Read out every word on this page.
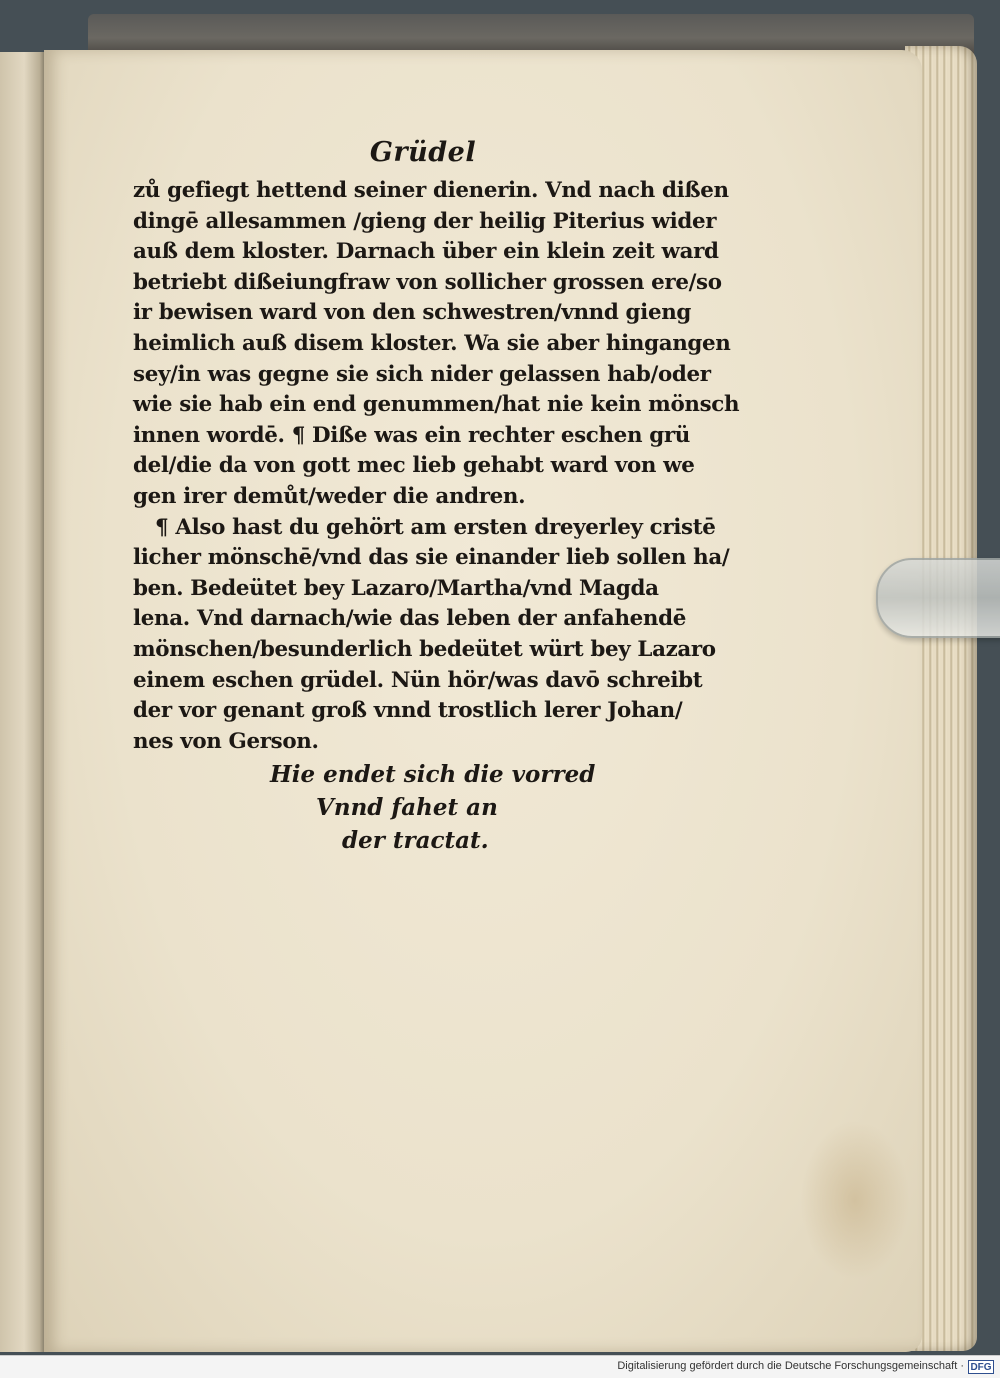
Grüdel
zů gefiegt hettend seiner dienerin. Vnd nach dißen
dingē allesammen /gieng der heilig Piterius wider
auß dem kloster. Darnach über ein klein zeit ward
betriebt dißeiungfraw von sollicher grossen ere/so
ir bewisen ward von den schwestren/vnnd gieng
heimlich auß disem kloster. Wa sie aber hingangen
sey/in was gegne sie sich nider gelassen hab/oder
wie sie hab ein end genummen/hat nie kein mönsch
innen wordē. ¶ Diße was ein rechter eschen grü
del/die da von gott mec lieb gehabt ward von we
gen irer demůt/weder die andren.
¶ Also hast du gehört am ersten dreyerley cristē
licher mönschē/vnd das sie einander lieb sollen ha/
ben. Bedeütet bey Lazaro/Martha/vnd Magda
lena. Vnd darnach/wie das leben der anfahendē
mönschen/besunderlich bedeütet würt bey Lazaro
einem eschen grüdel. Nün hör/was davō schreibt
der vor genant groß vnnd trostlich lerer Johan/
nes von Gerson.
Hie endet sich die vorred
Vnnd fahet an
der tractat.
Digitalisierung gefördert durch die Deutsche Forschungsgemeinschaft · DFG
